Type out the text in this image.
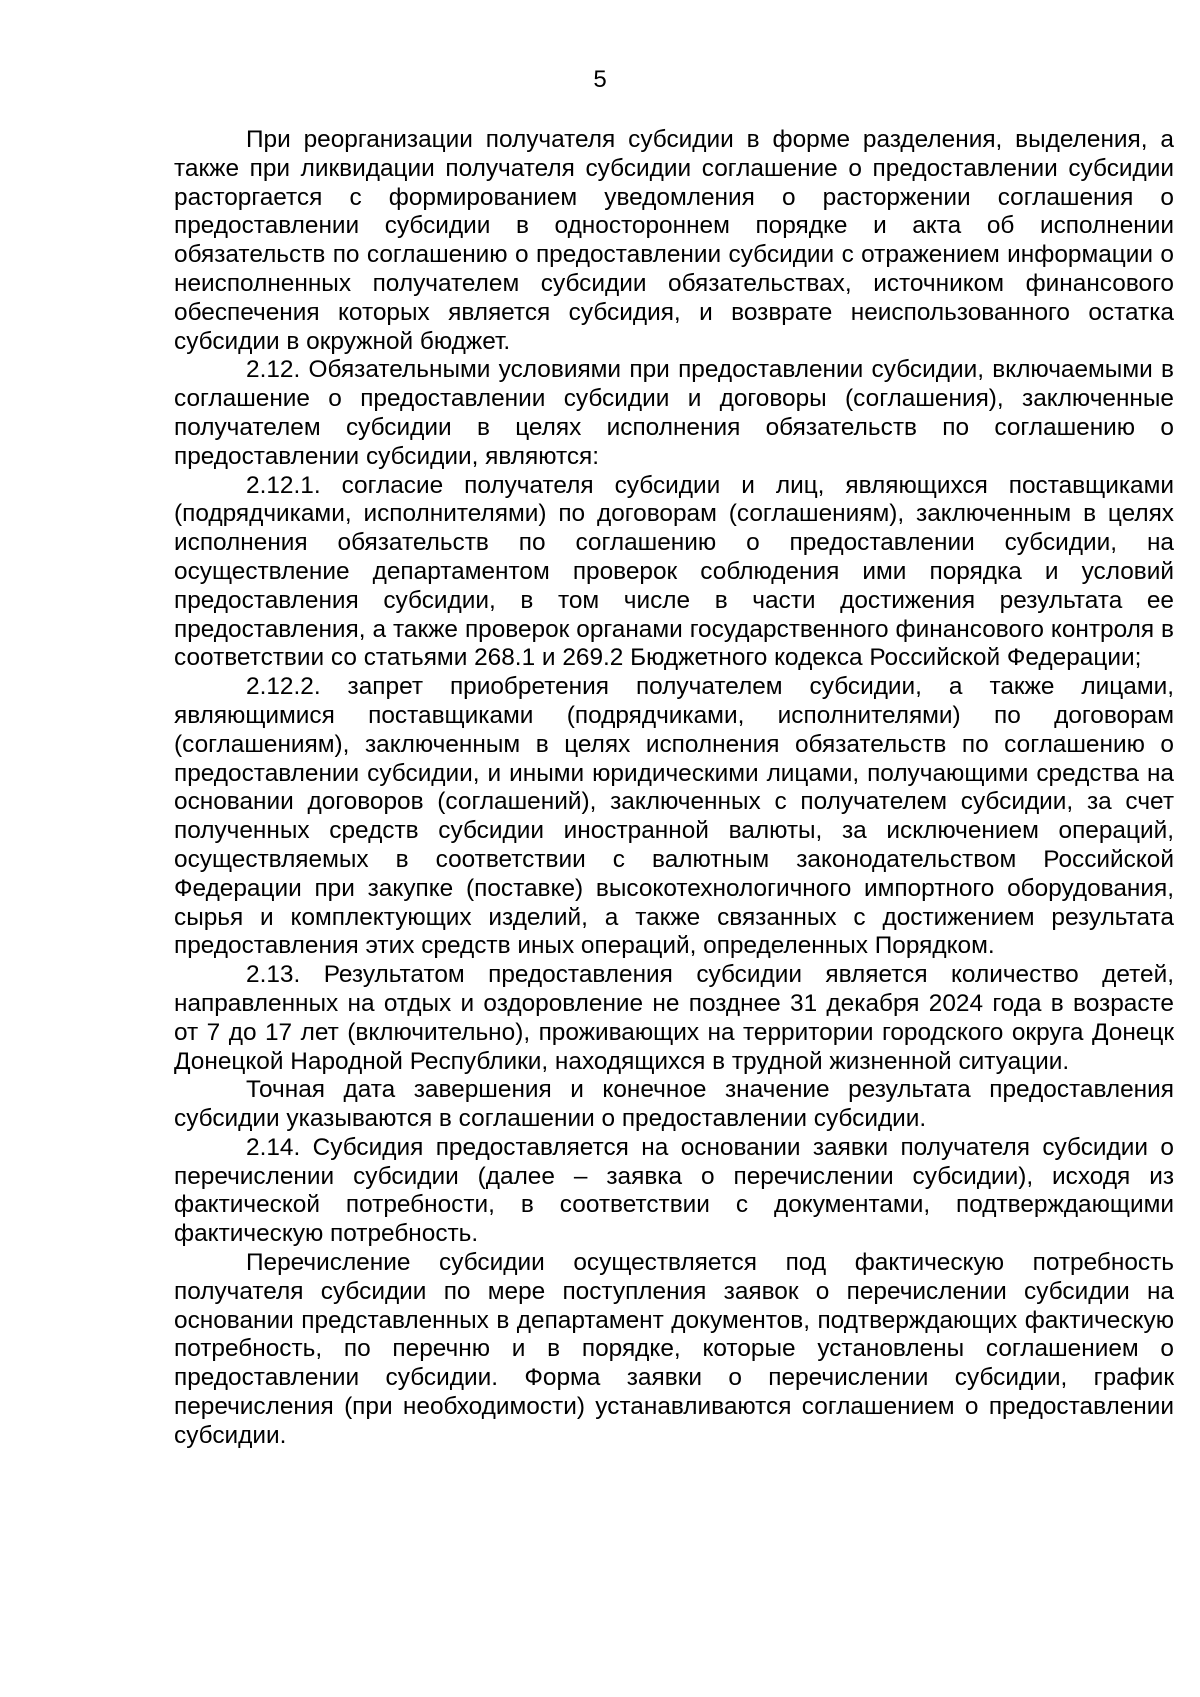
5

При реорганизации получателя субсидии в форме разделения, выделения, а также при ликвидации получателя субсидии соглашение о предоставлении субсидии расторгается с формированием уведомления о расторжении соглашения о предоставлении субсидии в одностороннем порядке и акта об исполнении обязательств по соглашению о предоставлении субсидии с отражением информации о неисполненных получателем субсидии обязательствах, источником финансового обеспечения которых является субсидия, и возврате неиспользованного остатка субсидии в окружной бюджет.

2.12. Обязательными условиями при предоставлении субсидии, включаемыми в соглашение о предоставлении субсидии и договоры (соглашения), заключенные получателем субсидии в целях исполнения обязательств по соглашению о предоставлении субсидии, являются:

2.12.1. согласие получателя субсидии и лиц, являющихся поставщиками (подрядчиками, исполнителями) по договорам (соглашениям), заключенным в целях исполнения обязательств по соглашению о предоставлении субсидии, на осуществление департаментом проверок соблюдения ими порядка и условий предоставления субсидии, в том числе в части достижения результата ее предоставления, а также проверок органами государственного финансового контроля в соответствии со статьями 268.1 и 269.2 Бюджетного кодекса Российской Федерации;

2.12.2. запрет приобретения получателем субсидии, а также лицами, являющимися поставщиками (подрядчиками, исполнителями) по договорам (соглашениям), заключенным в целях исполнения обязательств по соглашению о предоставлении субсидии, и иными юридическими лицами, получающими средства на основании договоров (соглашений), заключенных с получателем субсидии, за счет полученных средств субсидии иностранной валюты, за исключением операций, осуществляемых в соответствии с валютным законодательством Российской Федерации при закупке (поставке) высокотехнологичного импортного оборудования, сырья и комплектующих изделий, а также связанных с достижением результата предоставления этих средств иных операций, определенных Порядком.

2.13. Результатом предоставления субсидии является количество детей, направленных на отдых и оздоровление не позднее 31 декабря 2024 года в возрасте от 7 до 17 лет (включительно), проживающих на территории городского округа Донецк Донецкой Народной Республики, находящихся в трудной жизненной ситуации.

Точная дата завершения и конечное значение результата предоставления субсидии указываются в соглашении о предоставлении субсидии.

2.14. Субсидия предоставляется на основании заявки получателя субсидии о перечислении субсидии (далее – заявка о перечислении субсидии), исходя из фактической потребности, в соответствии с документами, подтверждающими фактическую потребность.

Перечисление субсидии осуществляется под фактическую потребность получателя субсидии по мере поступления заявок о перечислении субсидии на основании представленных в департамент документов, подтверждающих фактическую потребность, по перечню и в порядке, которые установлены соглашением о предоставлении субсидии. Форма заявки о перечислении субсидии, график перечисления (при необходимости) устанавливаются соглашением о предоставлении субсидии.
